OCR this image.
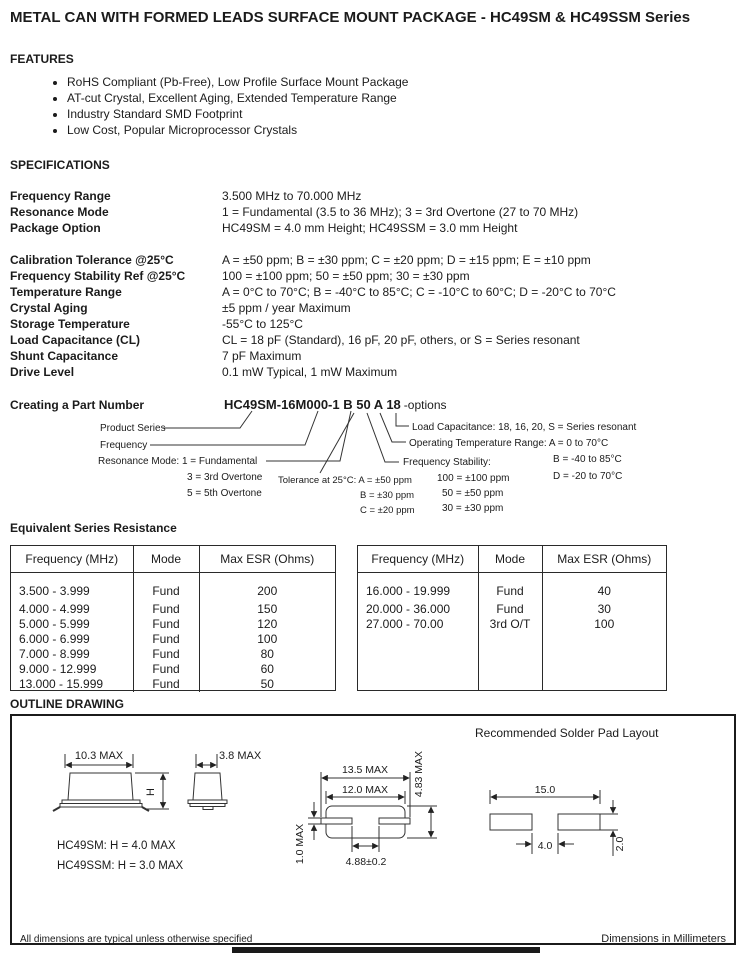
METAL CAN WITH FORMED LEADS SURFACE MOUNT PACKAGE - HC49SM & HC49SSM Series
FEATURES
• RoHS Compliant (Pb-Free), Low Profile Surface Mount Package
• AT-cut Crystal, Excellent Aging, Extended Temperature Range
• Industry Standard SMD Footprint
• Low Cost, Popular Microprocessor Crystals
SPECIFICATIONS
Frequency Range	3.500 MHz to 70.000 MHz
Resonance Mode	1 = Fundamental (3.5 to 36 MHz); 3 = 3rd Overtone (27 to 70 MHz)
Package Option	HC49SM = 4.0 mm Height; HC49SSM = 3.0 mm Height
Calibration Tolerance @25°C	A = ±50 ppm; B = ±30 ppm; C = ±20 ppm; D = ±15 ppm; E = ±10 ppm
Frequency Stability Ref @25°C	100 = ±100 ppm; 50 = ±50 ppm; 30 = ±30 ppm
Temperature Range	A = 0°C to 70°C; B = -40°C to 85°C; C = -10°C to 60°C; D = -20°C to 70°C
Crystal Aging	±5 ppm / year Maximum
Storage Temperature	-55°C to 125°C
Load Capacitance (CL)	CL = 18 pF (Standard), 16 pF, 20 pF, others, or S = Series resonant
Shunt Capacitance	7 pF Maximum
Drive Level	0.1 mW Typical, 1 mW Maximum
Creating a Part Number	HC49SM-16M000-1 B 50 A 18 -options
Product Series
Frequency
Resonance Mode: 1 = Fundamental
3 = 3rd Overtone
5 = 5th Overtone
Tolerance at 25°C: A = ±50 ppm
B = ±30 ppm
C = ±20 ppm
Frequency Stability:
100 = ±100 ppm
50 = ±50 ppm
30 = ±30 ppm
Load Capacitance: 18, 16, 20, S = Series resonant
Operating Temperature Range: A = 0 to 70°C
B = -40 to 85°C
D = -20 to 70°C
Equivalent Series Resistance
Frequency (MHz)	Mode	Max ESR (Ohms)
3.500 - 3.999	Fund	200
4.000 - 4.999	Fund	150
5.000 - 5.999	Fund	120
6.000 - 6.999	Fund	100
7.000 - 8.999	Fund	80
9.000 - 12.999	Fund	60
13.000 - 15.999	Fund	50

Frequency (MHz)	Mode	Max ESR (Ohms)
16.000 - 19.999	Fund	40
20.000 - 36.000	Fund	30
27.000 - 70.00	3rd O/T	100

OUTLINE DRAWING
Recommended Solder Pad Layout
10.3 MAX
H
3.8 MAX
HC49SM: H = 4.0 MAX
HC49SSM: H = 3.0 MAX
13.5 MAX
12.0 MAX 4.83 MAX
1.0 MAX	4.88±0.2
15.0
4.0	2.0
All dimensions are typical unless otherwise specified	Dimensions in Millimeters
